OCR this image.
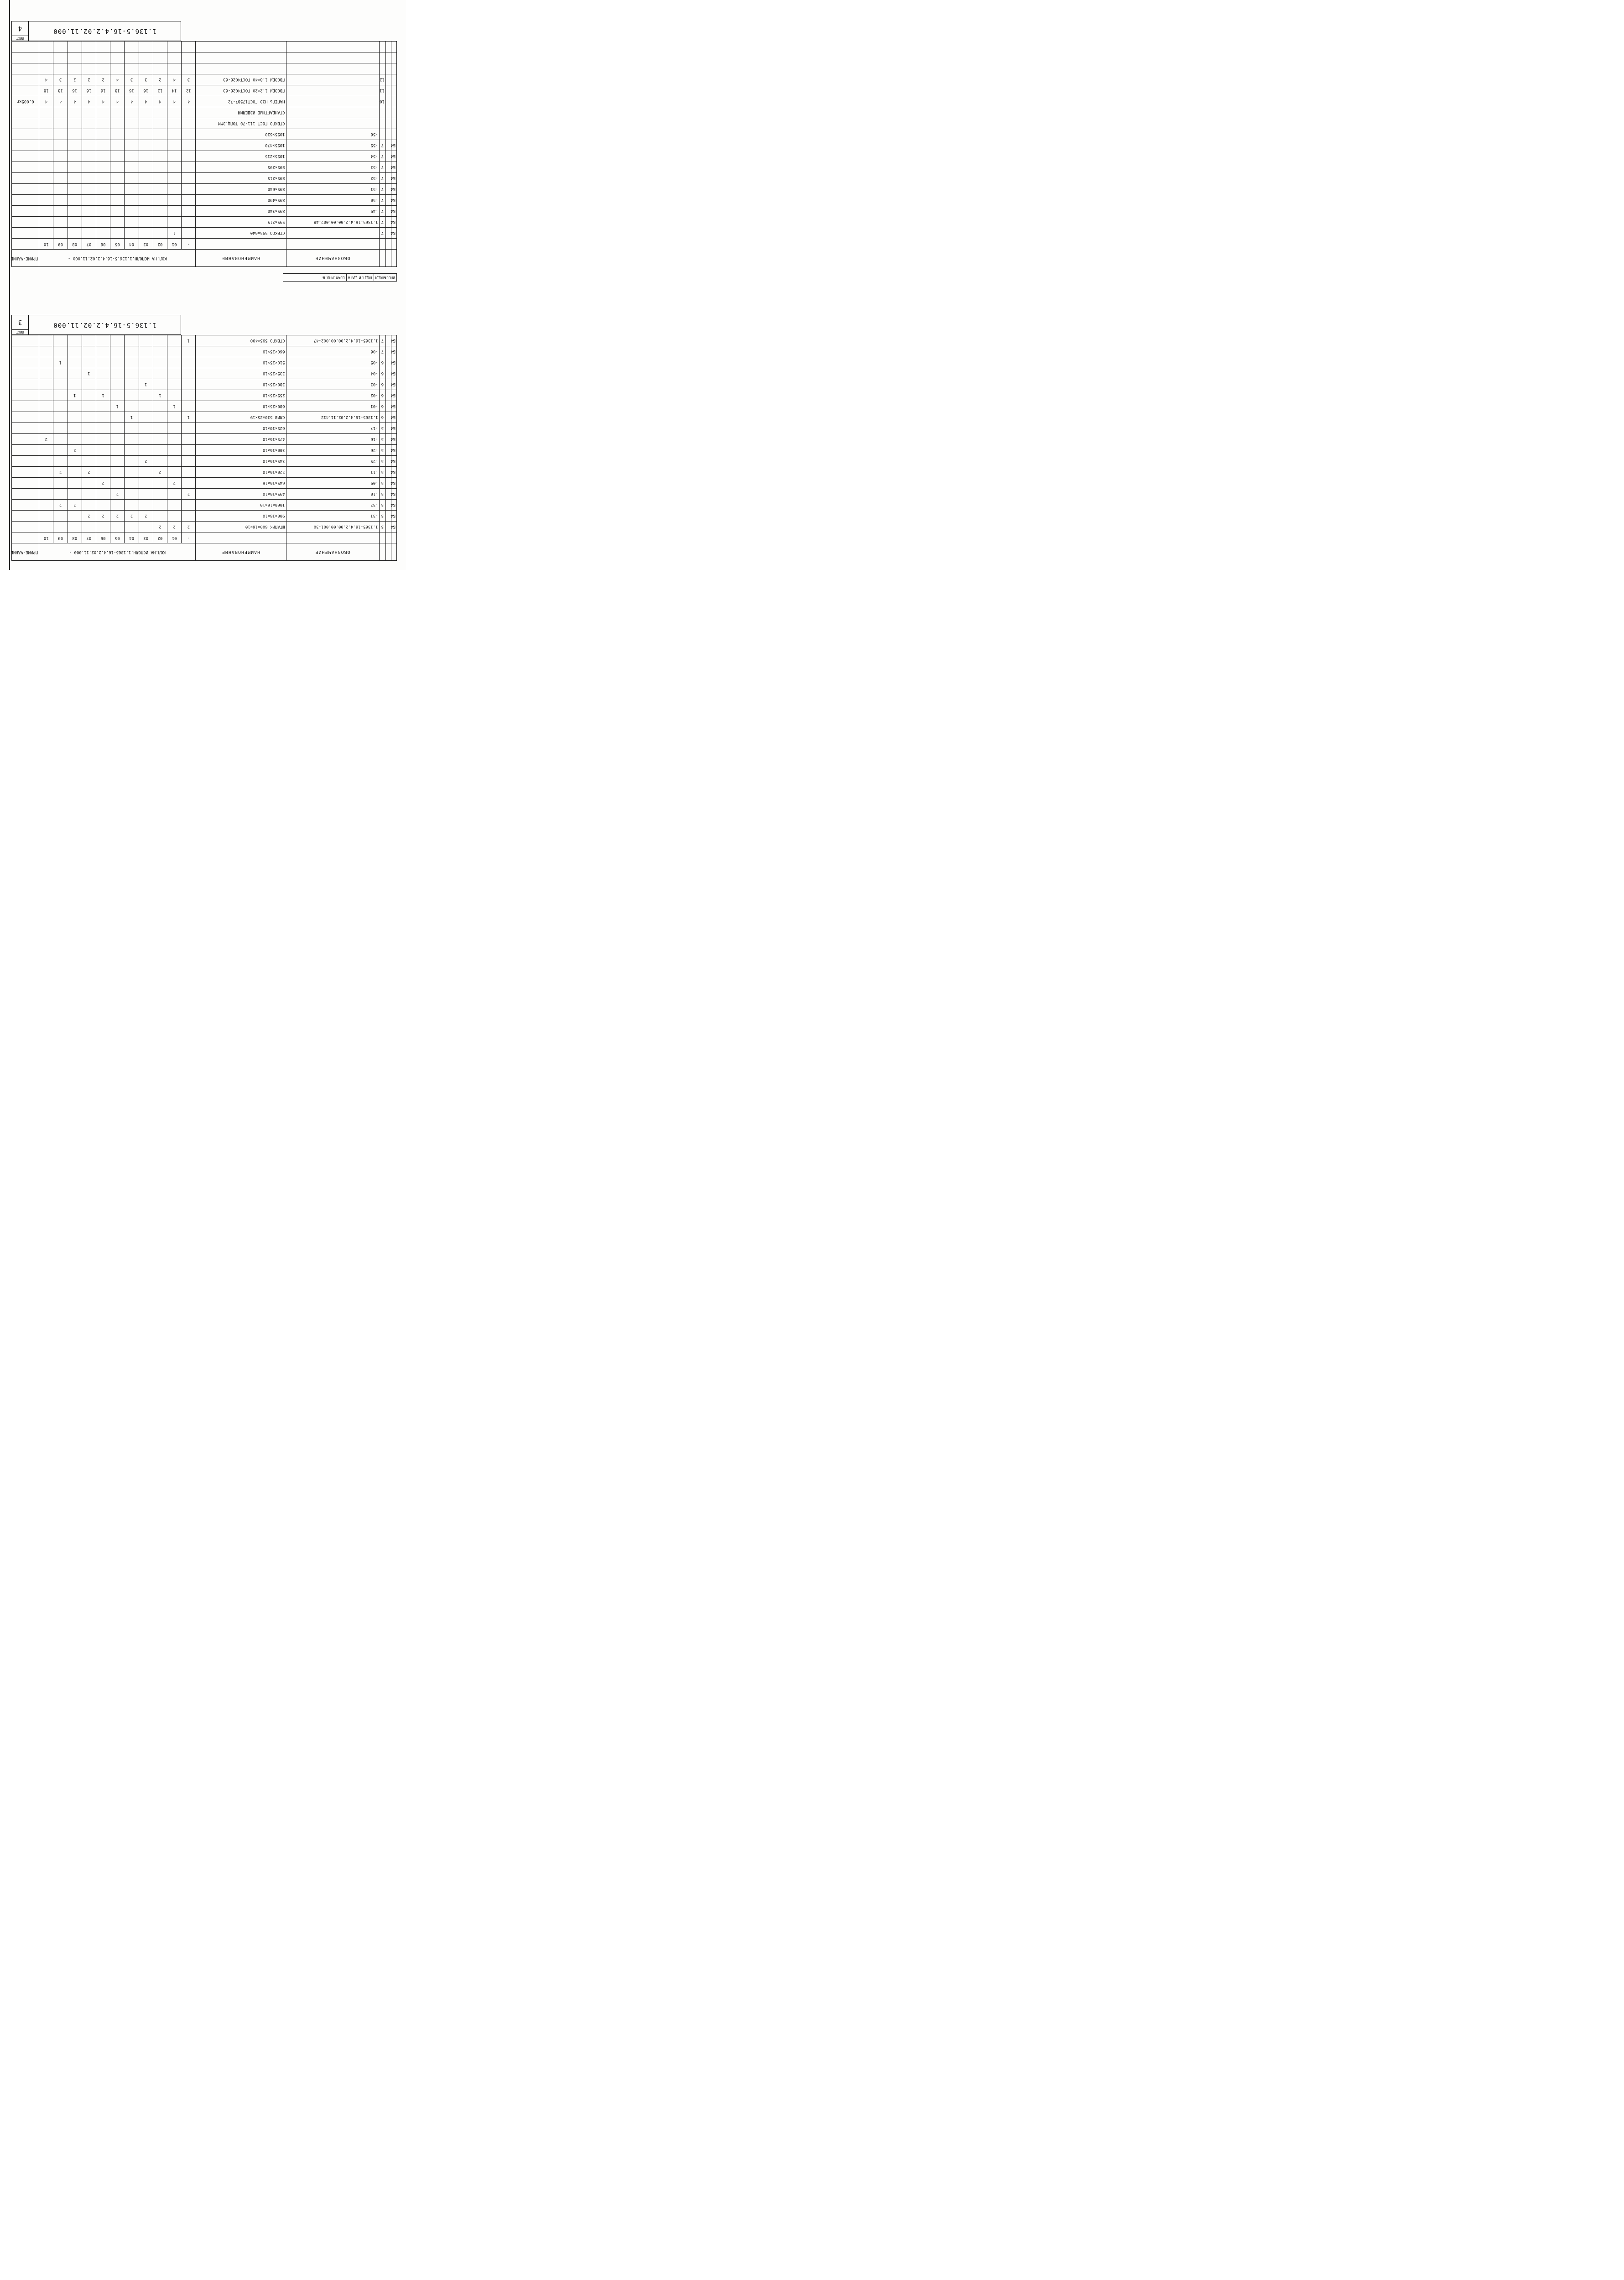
			ОБОЗНАЧЕНИЕ	НАИМЕНОВАНИЕ	КОЛ.НА ИСПОЛН.1.1365-16.4.2.02.11.000 -											ПРИМЕ-ЧАНИЕ
					-	01	02	03	04	05	06	07	08	09	10	
Б4		5	1.1365-16.4.2.00.00.001-30	ШТАПИК 600×16×10	2	2	2									
Б4		5	-31	900×16×10				2	2	2	2	2				
Б4		5	-32	1060×16×10									2	2		
Б4		5	-10	495×16×10	2					2						
Б4		5	-09	645×16×16		2					2					
Б4		5	-11	220×16×10			2					2		2		
Б4		5	-25	345×16×10				2								
Б4		5	-26	300×16×10									2			
Б4		5	-16	475×16×10											2	
Б4		5	-17	625×10×10												
Б4		6	1.1365-16.4.2.02.11.412	СЛИВ 530×25×19	1				1							
Б4		6	-01	680×25×19		1				1						
Б4		6	-02	255×25×19			1				1		1			
Б4		6	-03	380×25×19				1								
Б4		6	-04	335×25×19								1				
Б4		6	-05	510×25×19										1		
Б4		7	-06	660×25×19												
Б4		7	1.1365-16.4.2.00.00.002-47	СТЕКЛО 595×490	1											
1.136.5-16.4.2.02.11.000
ЛИСТ
3
ИНВ.№ПОДЛ
ПОДП.И ДАТА
ВЗАМ.ИНВ.№
			ОБОЗНАЧЕНИЕ	НАИМЕНОВАНИЕ	КОЛ.НА ИСПОЛН.1.136.5-16.4.2.02.11.000 -											ПРИМЕ-ЧАНИЕ
					-	01	02	03	04	05	06	07	08	09	10	
Б4		7		СТЕКЛО 595×640		1										
Б4		7	1.1365-16.4.2.00.00.002-48	595×215												
Б4		7	-49	895×340												
Б4		7	-50	895×490												
Б4		7	-51	895×640												
Б4		7	-52	895×215												
Б4		7	-53	895×295												
Б4		7	-54	1055×215												
Б4		7	-55	1055×470												
			-56	1055×620												
				СТЕКЛО ГОСТ 111-78 ТОЛЩ.3ММ												
				СТАНДАРТНЫЕ ИЗДЕЛИЯ												
		10		НАГЕЛЬ Н33 ГОСТ17587-72	4	4	4	4	4	4	4	4	4	4	4	0.005кг
		11		ГВОЗДИ 1,2×20 ГОСТ4028-63	12	14	12	16	16	18	16	16	16	18	18	
		12		ГВОЗДИ 1,8×40 ГОСТ4028-63	3	4	2	3	3	4	2	2	2	3	4	

1.136.5-16.4.2.02.11.000
ЛИСТ
4
